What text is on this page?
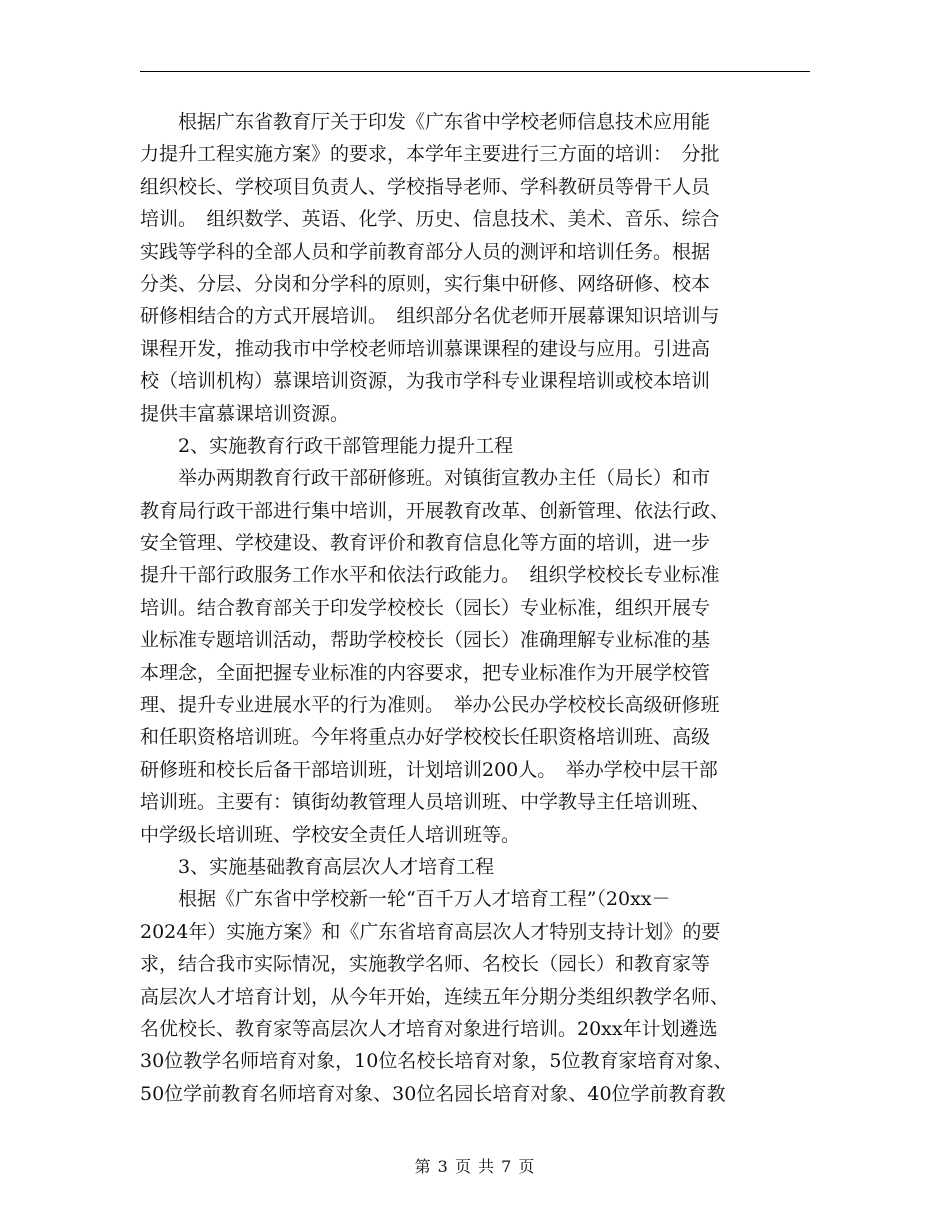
　　根据广东省教育厅关于印发《广东省中学校老师信息技术应用能
力提升工程实施方案》的要求，本学年主要进行三方面的培训：　分批
组织校长、学校项目负责人、学校指导老师、学科教研员等骨干人员
培训。　组织数学、英语、化学、历史、信息技术、美术、音乐、综合
实践等学科的全部人员和学前教育部分人员的测评和培训任务。根据
分类、分层、分岗和分学科的原则，实行集中研修、网络研修、校本
研修相结合的方式开展培训。　组织部分名优老师开展幕课知识培训与
课程开发，推动我市中学校老师培训慕课课程的建设与应用。引进高
校（培训机构）慕课培训资源，为我市学科专业课程培训或校本培训
提供丰富慕课培训资源。
　　2、实施教育行政干部管理能力提升工程
　　举办两期教育行政干部研修班。对镇街宣教办主任（局长）和市
教育局行政干部进行集中培训，开展教育改革、创新管理、依法行政、
安全管理、学校建设、教育评价和教育信息化等方面的培训，进一步
提升干部行政服务工作水平和依法行政能力。　组织学校校长专业标准
培训。结合教育部关于印发学校校长（园长）专业标准，组织开展专
业标准专题培训活动，帮助学校校长（园长）准确理解专业标准的基
本理念，全面把握专业标准的内容要求，把专业标准作为开展学校管
理、提升专业进展水平的行为准则。　举办公民办学校校长高级研修班
和任职资格培训班。今年将重点办好学校校长任职资格培训班、高级
研修班和校长后备干部培训班，计划培训200人。　举办学校中层干部
培训班。主要有：镇街幼教管理人员培训班、中学教导主任培训班、
中学级长培训班、学校安全责任人培训班等。
　　3、实施基础教育高层次人才培育工程
　　根据《广东省中学校新一轮“百千万人才培育工程”（20xx－
2024年）实施方案》和《广东省培育高层次人才特别支持计划》的要
求，结合我市实际情况，实施教学名师、名校长（园长）和教育家等
高层次人才培育计划，从今年开始，连续五年分期分类组织教学名师、
名优校长、教育家等高层次人才培育对象进行培训。20xx年计划遴选
30位教学名师培育对象，10位名校长培育对象，5位教育家培育对象、
50位学前教育名师培育对象、30位名园长培育对象、40位学前教育教
第 3 页 共 7 页
